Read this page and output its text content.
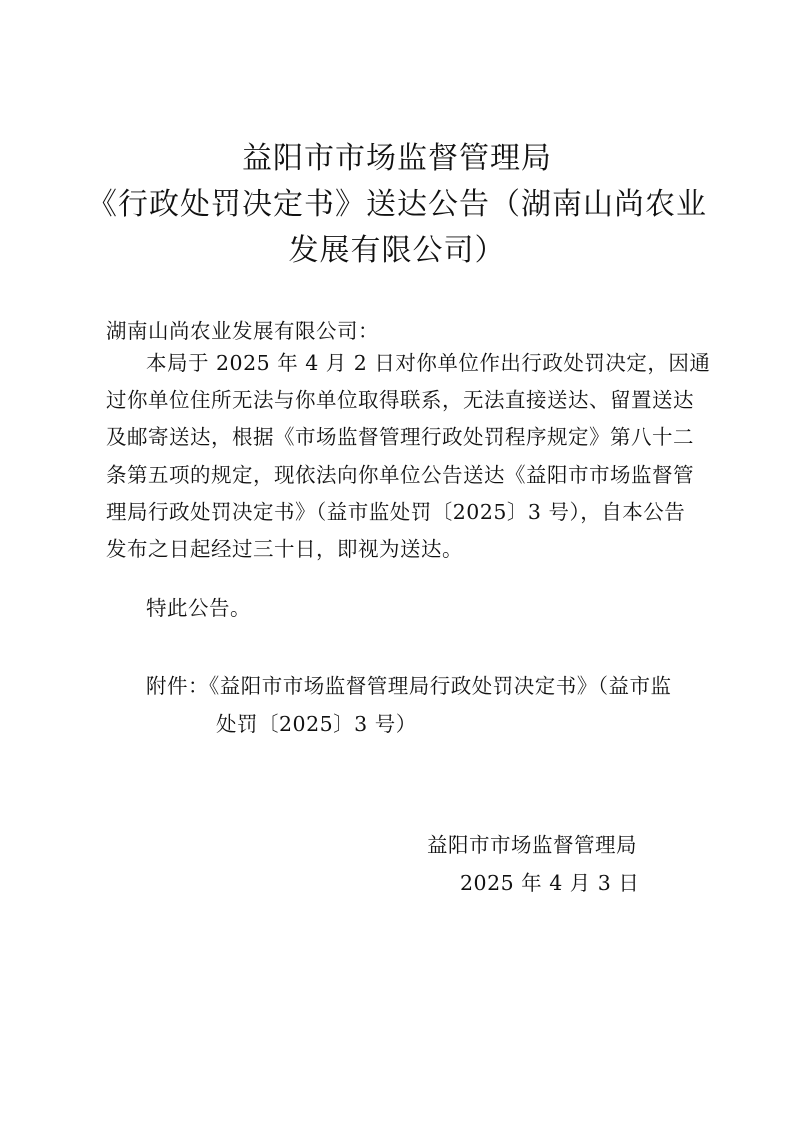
益阳市市场监督管理局
《行政处罚决定书》送达公告（湖南山尚农业
发展有限公司）
湖南山尚农业发展有限公司：
本局于 2025 年 4 月 2 日对你单位作出行政处罚决定，因通
过你单位住所无法与你单位取得联系，无法直接送达、留置送达
及邮寄送达，根据《市场监督管理行政处罚程序规定》第八十二
条第五项的规定，现依法向你单位公告送达《益阳市市场监督管
理局行政处罚决定书》（益市监处罚〔2025〕3 号），自本公告
发布之日起经过三十日，即视为送达。
特此公告。
附件：《益阳市市场监督管理局行政处罚决定书》（益市监
处罚〔2025〕3 号）
益阳市市场监督管理局
2025 年 4 月 3 日
